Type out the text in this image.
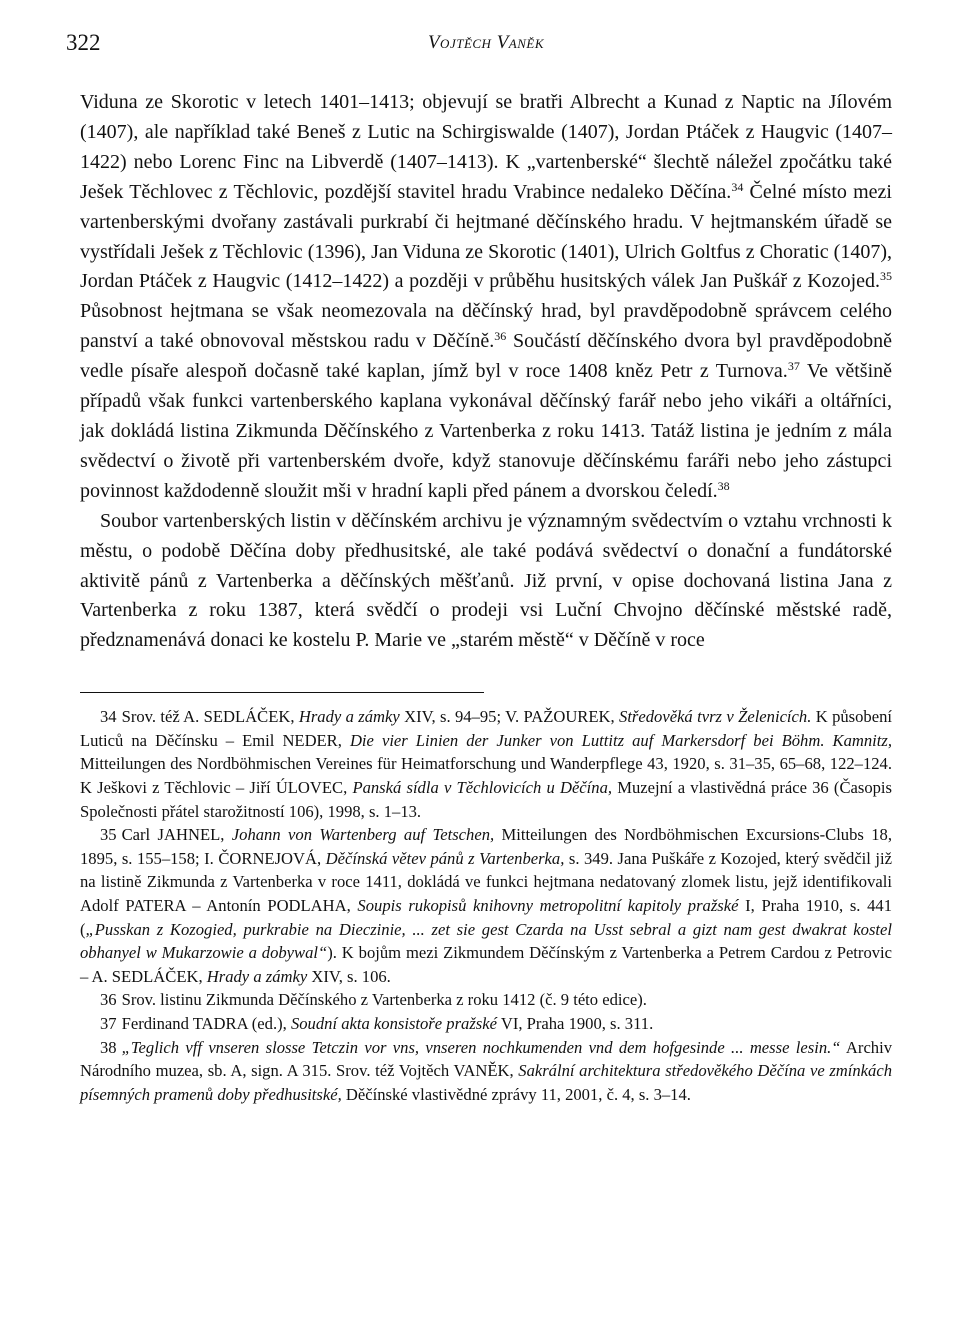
322	Vojtěch Vaněk

Viduna ze Skorotic v letech 1401–1413; objevují se bratři Albrecht a Kunad z Naptic na Jílovém (1407), ale například také Beneš z Lutic na Schirgiswalde (1407), Jordan Ptáček z Haugvic (1407–1422) nebo Lorenc Finc na Libverdě (1407–1413). K „vartenberské“ šlechtě náležel zpočátku také Ješek Těchlovec z Těchlovic, pozdější stavitel hradu Vrabince nedaleko Děčína.$^{34}$ Čelné místo mezi vartenberskými dvořany zastávali purkrabí či hejtmané děčínského hradu. V hejtmanském úřadě se vystřídali Ješek z Těchlovic (1396), Jan Viduna ze Skorotic (1401), Ulrich Goltfus z Choratic (1407), Jordan Ptáček z Haugvic (1412–1422) a později v průběhu husitských válek Jan Puškář z Kozojed.$^{35}$ Působnost hejtmana se však neomezovala na děčínský hrad, byl pravděpodobně správcem celého panství a také obnovoval městskou radu v Děčíně.$^{36}$ Součástí děčínského dvora byl pravděpodobně vedle písaře alespoň dočasně také kaplan, jímž byl v roce 1408 kněz Petr z Turnova.$^{37}$ Ve většině případů však funkci vartenberského kaplana vykonával děčínský farář nebo jeho vikáři a oltářníci, jak dokládá listina Zikmunda Děčínského z Vartenberka z roku 1413. Tatáž listina je jedním z mála svědectví o životě při vartenberském dvoře, když stanovuje děčínskému faráři nebo jeho zástupci povinnost každodenně sloužit mši v hradní kapli před pánem a dvorskou čeledí.$^{38}$

Soubor vartenberských listin v děčínském archivu je významným svědectvím o vztahu vrchnosti k městu, o podobě Děčína doby předhusitské, ale také podává svědectví o donační a fundátorské aktivitě pánů z Vartenberka a děčínských měšťanů. Již první, v opise dochovaná listina Jana z Vartenberka z roku 1387, která svědčí o prodeji vsi Luční Chvojno děčínské městské radě, předznamenává donaci ke kostelu P. Marie ve „starém městě“ v Děčíně v roce

34 Srov. též A. SEDLÁČEK, Hrady a zámky XIV, s. 94–95; V. PAŽOUREK, Středověká tvrz v Želenicích. K působení Luticů na Děčínsku – Emil NEDER, Die vier Linien der Junker von Luttitz auf Markersdorf bei Böhm. Kamnitz, Mitteilungen des Nordböhmischen Vereines für Heimatforschung und Wanderpflege 43, 1920, s. 31–35, 65–68, 122–124. K Ješkovi z Těchlovic – Jiří ÚLOVEC, Panská sídla v Těchlovicích u Děčína, Muzejní a vlastivědná práce 36 (Časopis Společnosti přátel starožitností 106), 1998, s. 1–13.

35 Carl JAHNEL, Johann von Wartenberg auf Tetschen, Mitteilungen des Nordböhmischen Excursions-Clubs 18, 1895, s. 155–158; I. ČORNEJOVÁ, Děčínská větev pánů z Vartenberka, s. 349. Jana Puškáře z Kozojed, který svědčil již na listině Zikmunda z Vartenberka v roce 1411, dokládá ve funkci hejtmana nedatovaný zlomek listu, jejž identifikovali Adolf PATERA – Antonín PODLAHA, Soupis rukopisů knihovny metropolitní kapitoly pražské I, Praha 1910, s. 441 („Pusskan z Kozogied, purkrabie na Dieczinie, ... zet sie gest Czarda na Usst sebral a gizt nam gest dwakrat kostel obhanyel w Mukarzowie a dobywal“). K bojům mezi Zikmundem Děčínským z Vartenberka a Petrem Cardou z Petrovic – A. SEDLÁČEK, Hrady a zámky XIV, s. 106.

36 Srov. listinu Zikmunda Děčínského z Vartenberka z roku 1412 (č. 9 této edice).

37 Ferdinand TADRA (ed.), Soudní akta konsistoře pražské VI, Praha 1900, s. 311.

38 „Teglich vff vnseren slosse Tetczin vor vns, vnseren nochkumenden vnd dem hofgesinde ... messe lesin.“ Archiv Národního muzea, sb. A, sign. A 315. Srov. též Vojtěch VANĚK, Sakrální architektura středověkého Děčína ve zmínkách písemných pramenů doby předhusitské, Děčínské vlastivědné zprávy 11, 2001, č. 4, s. 3–14.
